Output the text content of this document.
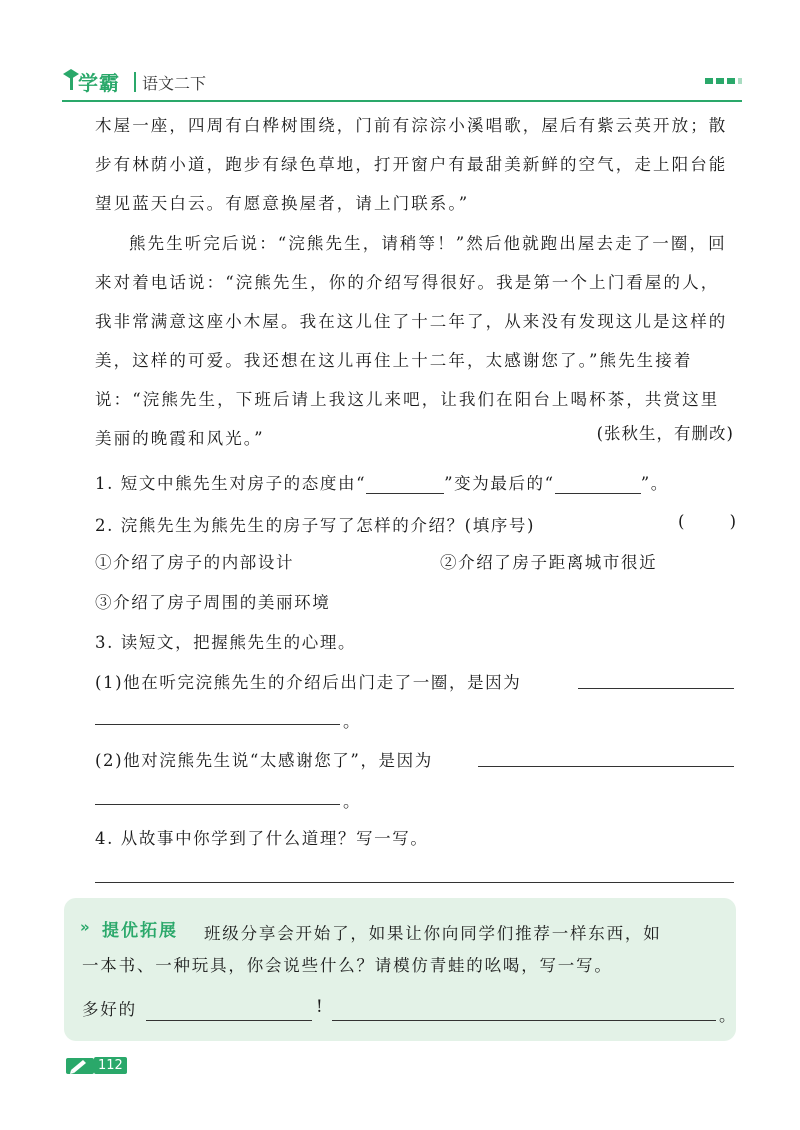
学霸 语文二下

木屋一座，四周有白桦树围绕，门前有淙淙小溪唱歌，屋后有紫云英开放；散步有林荫小道，跑步有绿色草地，打开窗户有最甜美新鲜的空气，走上阳台能望见蓝天白云。有愿意换屋者，请上门联系。”

熊先生听完后说：“浣熊先生，请稍等！”然后他就跑出屋去走了一圈，回来对着电话说：“浣熊先生，你的介绍写得很好。我是第一个上门看屋的人，我非常满意这座小木屋。我在这儿住了十二年了，从来没有发现这儿是这样的美，这样的可爱。我还想在这儿再住上十二年，太感谢您了。”熊先生接着说：“浣熊先生，下班后请上我这儿来吧，让我们在阳台上喝杯茶，共赏这里美丽的晚霞和风光。”	(张秋生，有删改)
1. 短文中熊先生对房子的态度由“	”变为最后的“	”。
2. 浣熊先生为熊先生的房子写了怎样的介绍？(填序号)	( )
①介绍了房子的内部设计	②介绍了房子距离城市很近
③介绍了房子周围的美丽环境
3. 读短文，把握熊先生的心理。
(1)他在听完浣熊先生的介绍后出门走了一圈，是因为
。
(2)他对浣熊先生说“太感谢您了”，是因为
。
4. 从故事中你学到了什么道理？写一写。
» 提优拓展 班级分享会开始了，如果让你向同学们推荐一样东西，如
一本书、一种玩具，你会说些什么？请模仿青蛙的吆喝，写一写。
多好的	!	。
112
